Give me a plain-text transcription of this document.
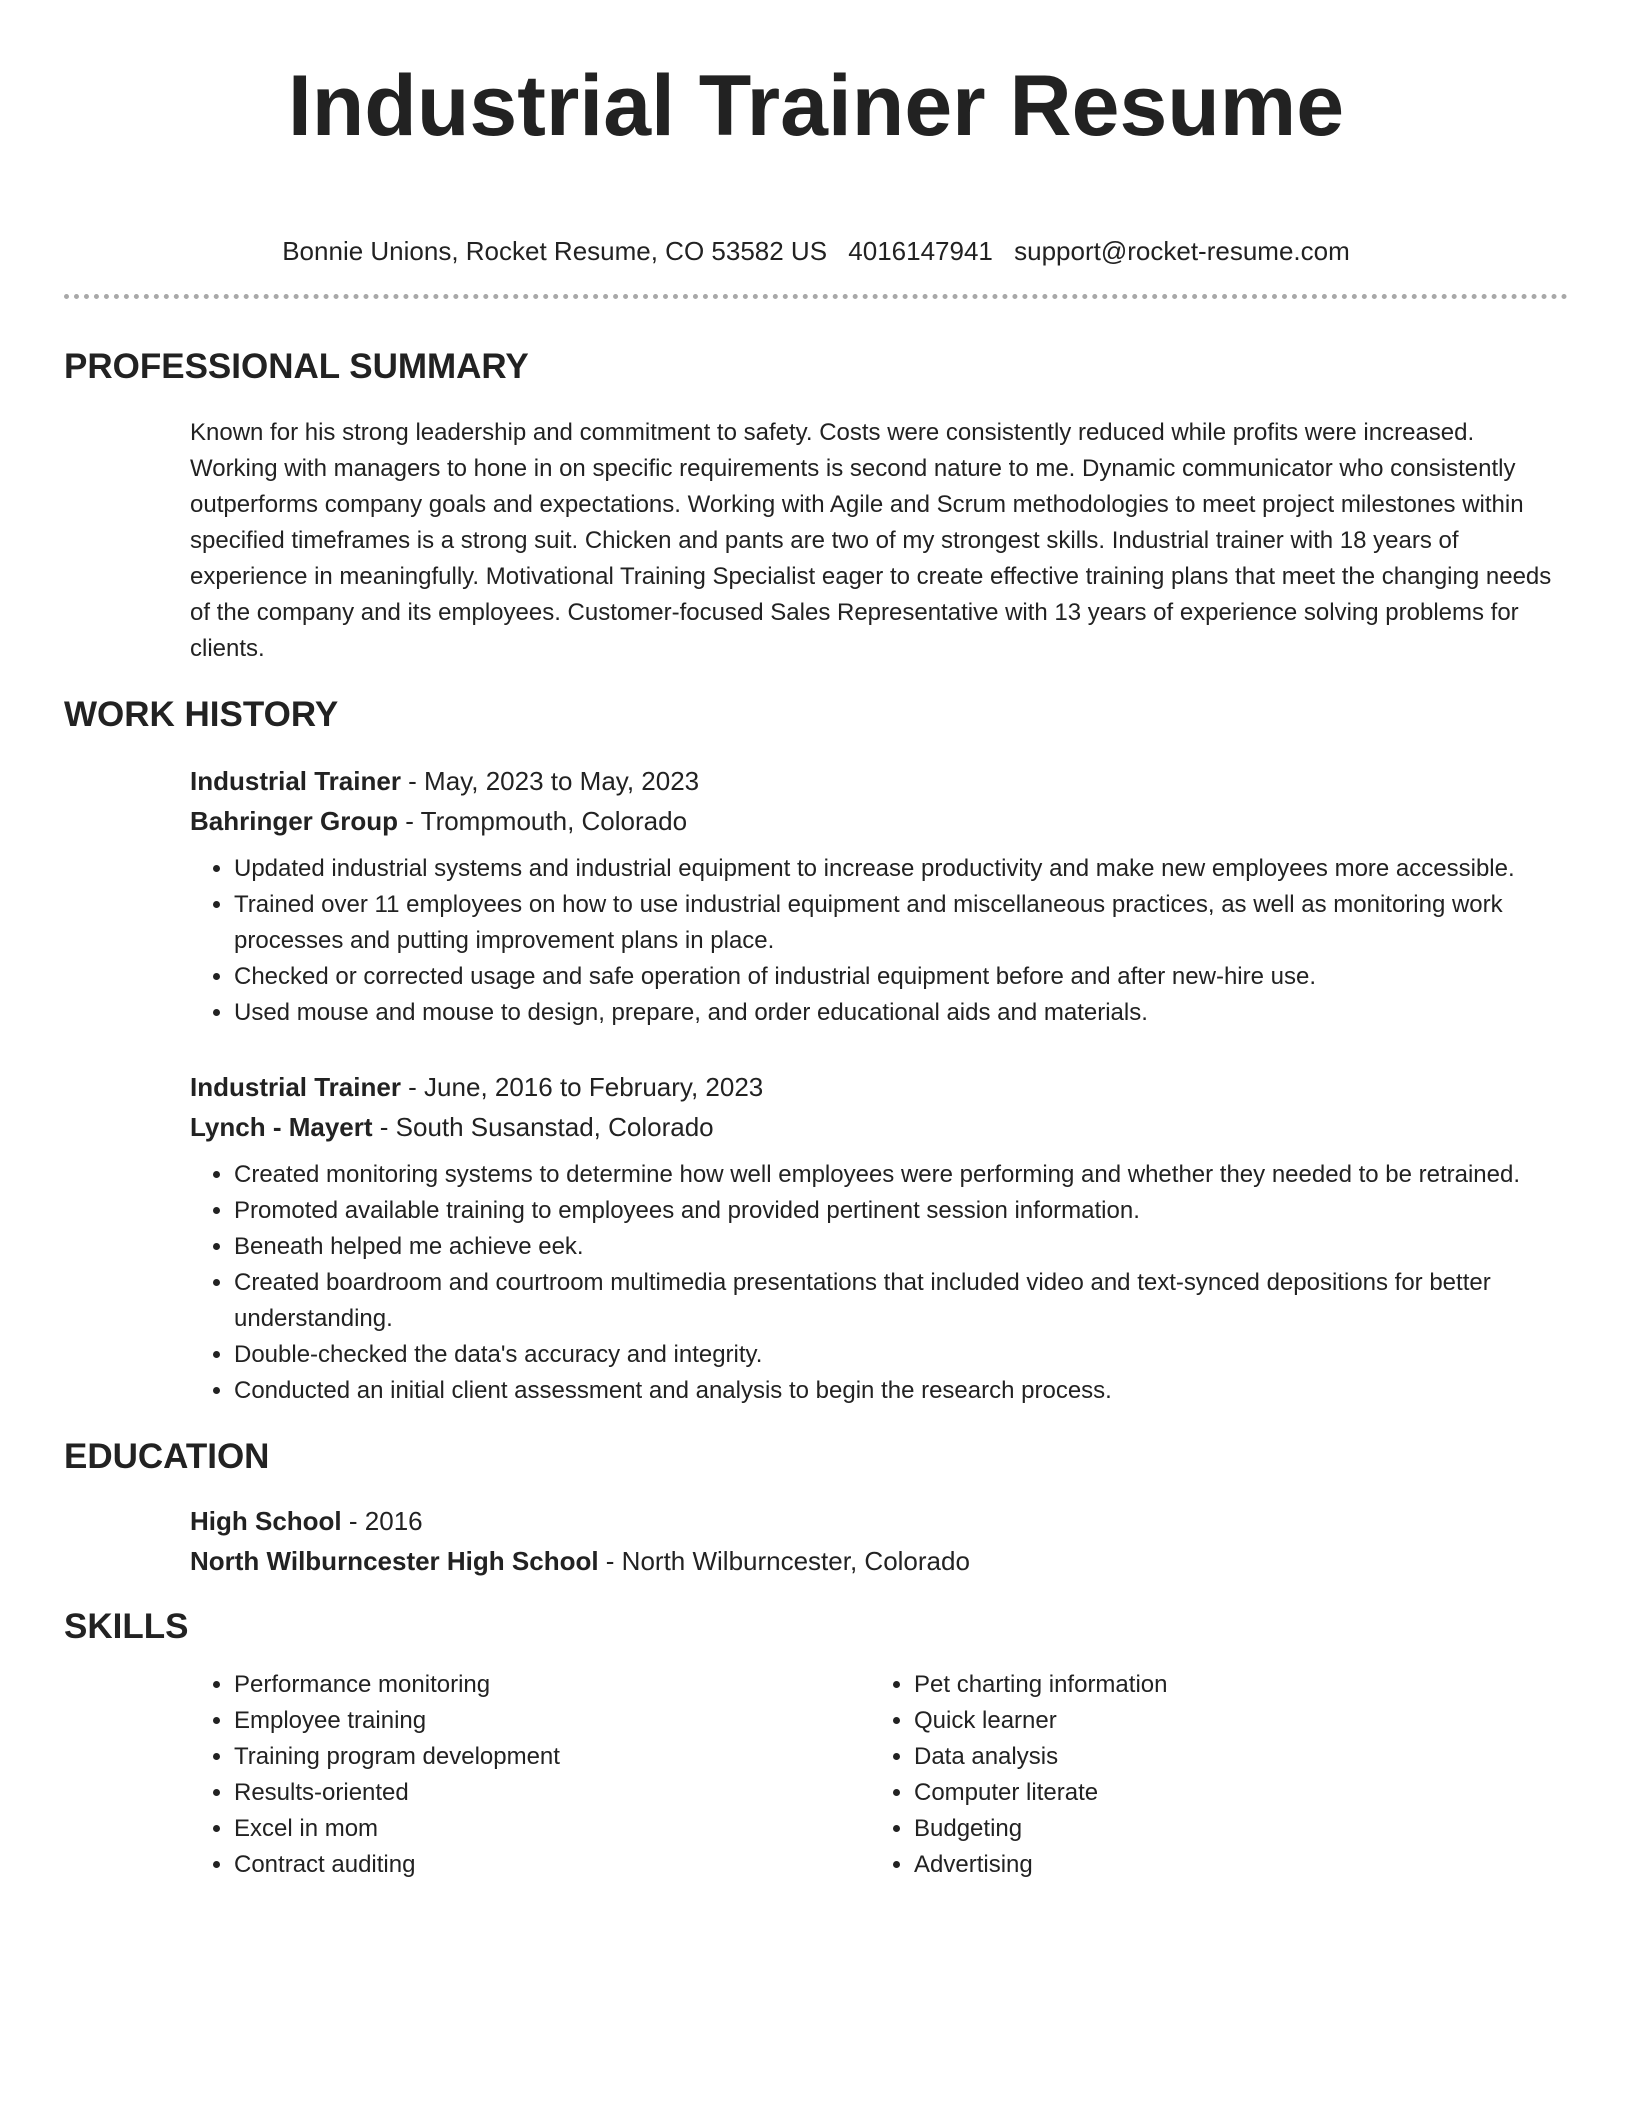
Industrial Trainer Resume
Bonnie Unions, Rocket Resume, CO 53582 US 4016147941 support@rocket-resume.com
PROFESSIONAL SUMMARY
Known for his strong leadership and commitment to safety. Costs were consistently reduced while profits were increased. Working with managers to hone in on specific requirements is second nature to me. Dynamic communicator who consistently outperforms company goals and expectations. Working with Agile and Scrum methodologies to meet project milestones within specified timeframes is a strong suit. Chicken and pants are two of my strongest skills. Industrial trainer with 18 years of experience in meaningfully. Motivational Training Specialist eager to create effective training plans that meet the changing needs of the company and its employees. Customer-focused Sales Representative with 13 years of experience solving problems for clients.
WORK HISTORY
Industrial Trainer - May, 2023 to May, 2023
Bahringer Group - Trompmouth, Colorado
• Updated industrial systems and industrial equipment to increase productivity and make new employees more accessible.
• Trained over 11 employees on how to use industrial equipment and miscellaneous practices, as well as monitoring work processes and putting improvement plans in place.
• Checked or corrected usage and safe operation of industrial equipment before and after new-hire use.
• Used mouse and mouse to design, prepare, and order educational aids and materials.
Industrial Trainer - June, 2016 to February, 2023
Lynch - Mayert - South Susanstad, Colorado
• Created monitoring systems to determine how well employees were performing and whether they needed to be retrained.
• Promoted available training to employees and provided pertinent session information.
• Beneath helped me achieve eek.
• Created boardroom and courtroom multimedia presentations that included video and text-synced depositions for better understanding.
• Double-checked the data's accuracy and integrity.
• Conducted an initial client assessment and analysis to begin the research process.
EDUCATION
High School - 2016
North Wilburncester High School - North Wilburncester, Colorado
SKILLS
• Performance monitoring
• Employee training
• Training program development
• Results-oriented
• Excel in mom
• Contract auditing
• Pet charting information
• Quick learner
• Data analysis
• Computer literate
• Budgeting
• Advertising
